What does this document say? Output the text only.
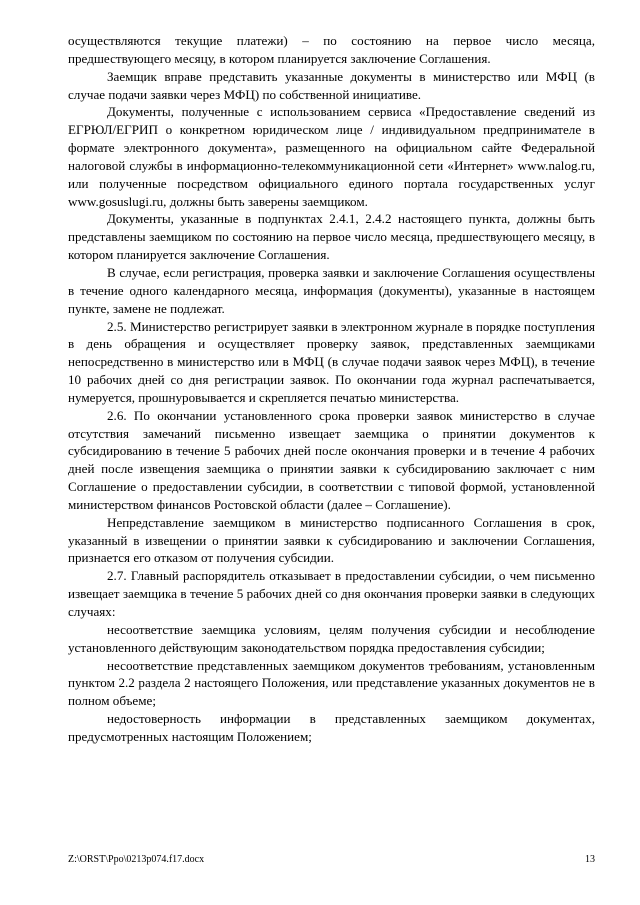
осуществляются текущие платежи) – по состоянию на первое число месяца, предшествующего месяцу, в котором планируется заключение Соглашения.

Заемщик вправе представить указанные документы в министерство или МФЦ (в случае подачи заявки через МФЦ) по собственной инициативе.

Документы, полученные с использованием сервиса «Предоставление сведений из ЕГРЮЛ/ЕГРИП о конкретном юридическом лице / индивидуальном предпринимателе в формате электронного документа», размещенного на официальном сайте Федеральной налоговой службы в информационно-телекоммуникационной сети «Интернет» www.nalog.ru, или полученные посредством официального единого портала государственных услуг www.gosuslugi.ru, должны быть заверены заемщиком.

Документы, указанные в подпунктах 2.4.1, 2.4.2 настоящего пункта, должны быть представлены заемщиком по состоянию на первое число месяца, предшествующего месяцу, в котором планируется заключение Соглашения.

В случае, если регистрация, проверка заявки и заключение Соглашения осуществлены в течение одного календарного месяца, информация (документы), указанные в настоящем пункте, замене не подлежат.

2.5. Министерство регистрирует заявки в электронном журнале в порядке поступления в день обращения и осуществляет проверку заявок, представленных заемщиками непосредственно в министерство или в МФЦ (в случае подачи заявок через МФЦ), в течение 10 рабочих дней со дня регистрации заявок. По окончании года журнал распечатывается, нумеруется, прошнуровывается и скрепляется печатью министерства.

2.6. По окончании установленного срока проверки заявок министерство в случае отсутствия замечаний письменно извещает заемщика о принятии документов к субсидированию в течение 5 рабочих дней после окончания проверки и в течение 4 рабочих дней после извещения заемщика о принятии заявки к субсидированию заключает с ним Соглашение о предоставлении субсидии, в соответствии с типовой формой, установленной министерством финансов Ростовской области (далее – Соглашение).

Непредставление заемщиком в министерство подписанного Соглашения в срок, указанный в извещении о принятии заявки к субсидированию и заключении Соглашения, признается его отказом от получения субсидии.

2.7. Главный распорядитель отказывает в предоставлении субсидии, о чем письменно извещает заемщика в течение 5 рабочих дней со дня окончания проверки заявки в следующих случаях:

несоответствие заемщика условиям, целям получения субсидии и несоблюдение установленного действующим законодательством порядка предоставления субсидии;

несоответствие представленных заемщиком документов требованиям, установленным пунктом 2.2 раздела 2 настоящего Положения, или представление указанных документов не в полном объеме;

недостоверность информации в представленных заемщиком документах, предусмотренных настоящим Положением;

Z:\ORST\Ppo\0213p074.f17.docx	13
